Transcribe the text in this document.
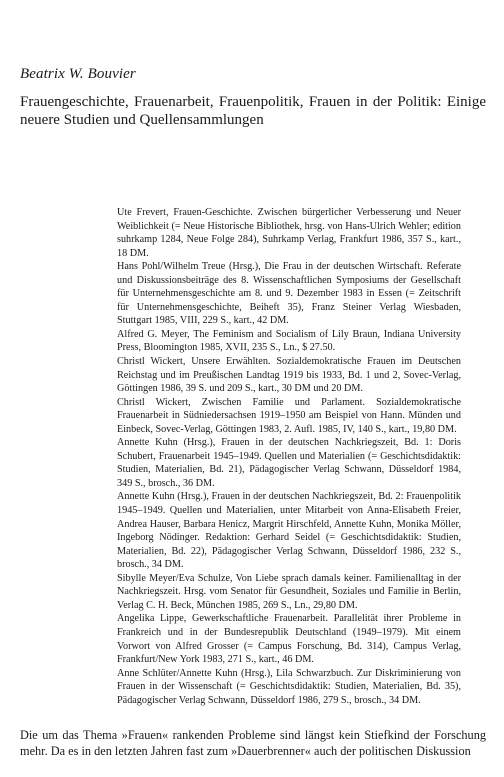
Beatrix W. Bouvier
Frauengeschichte, Frauenarbeit, Frauenpolitik, Frauen in der Politik: Einige neuere Studien und Quellensammlungen

Ute Frevert, Frauen-Geschichte. Zwischen bürgerlicher Verbesserung und Neuer Weiblichkeit (= Neue Historische Bibliothek, hrsg. von Hans-Ulrich Wehler; edition suhrkamp 1284, Neue Folge 284), Suhrkamp Verlag, Frankfurt 1986, 357 S., kart., 18 DM.

Hans Pohl/Wilhelm Treue (Hrsg.), Die Frau in der deutschen Wirtschaft. Referate und Diskussionsbeiträge des 8. Wissenschaftlichen Symposiums der Gesellschaft für Unternehmensgeschichte am 8. und 9. Dezember 1983 in Essen (= Zeitschrift für Unternehmensgeschichte, Beiheft 35), Franz Steiner Verlag Wiesbaden, Stuttgart 1985, VIII, 229 S., kart., 42 DM.

Alfred G. Meyer, The Feminism and Socialism of Lily Braun, Indiana University Press, Bloomington 1985, XVII, 235 S., Ln., $ 27.50.

Christl Wickert, Unsere Erwählten. Sozialdemokratische Frauen im Deutschen Reichstag und im Preußischen Landtag 1919 bis 1933, Bd. 1 und 2, Sovec-Verlag, Göttingen 1986, 39 S. und 209 S., kart., 30 DM und 20 DM.

Christl Wickert, Zwischen Familie und Parlament. Sozialdemokratische Frauenarbeit in Südniedersachsen 1919–1950 am Beispiel von Hann. Münden und Einbeck, Sovec-Verlag, Göttingen 1983, 2. Aufl. 1985, IV, 140 S., kart., 19,80 DM.

Annette Kuhn (Hrsg.), Frauen in der deutschen Nachkriegszeit, Bd. 1: Doris Schubert, Frauenarbeit 1945–1949. Quellen und Materialien (= Geschichtsdidaktik: Studien, Materialien, Bd. 21), Pädagogischer Verlag Schwann, Düsseldorf 1984, 349 S., brosch., 36 DM.

Annette Kuhn (Hrsg.), Frauen in der deutschen Nachkriegszeit, Bd. 2: Frauenpolitik 1945–1949. Quellen und Materialien, unter Mitarbeit von Anna-Elisabeth Freier, Andrea Hauser, Barbara Henicz, Margrit Hirschfeld, Annette Kuhn, Monika Möller, Ingeborg Nödinger. Redaktion: Gerhard Seidel (= Geschichtsdidaktik: Studien, Materialien, Bd. 22), Pädagogischer Verlag Schwann, Düsseldorf 1986, 232 S., brosch., 34 DM.

Sibylle Meyer/Eva Schulze, Von Liebe sprach damals keiner. Familienalltag in der Nachkriegszeit. Hrsg. vom Senator für Gesundheit, Soziales und Familie in Berlin, Verlag C. H. Beck, München 1985, 269 S., Ln., 29,80 DM.

Angelika Lippe, Gewerkschaftliche Frauenarbeit. Parallelität ihrer Probleme in Frankreich und in der Bundesrepublik Deutschland (1949–1979). Mit einem Vorwort von Alfred Grosser (= Campus Forschung, Bd. 314), Campus Verlag, Frankfurt/New York 1983, 271 S., kart., 46 DM.

Anne Schlüter/Annette Kuhn (Hrsg.), Lila Schwarzbuch. Zur Diskriminierung von Frauen in der Wissenschaft (= Geschichtsdidaktik: Studien, Materialien, Bd. 35), Pädagogischer Verlag Schwann, Düsseldorf 1986, 279 S., brosch., 34 DM.

Die um das Thema »Frauen« rankenden Probleme sind längst kein Stiefkind der Forschung mehr. Da es in den letzten Jahren fast zum »Dauerbrenner« auch der politischen Diskussion
